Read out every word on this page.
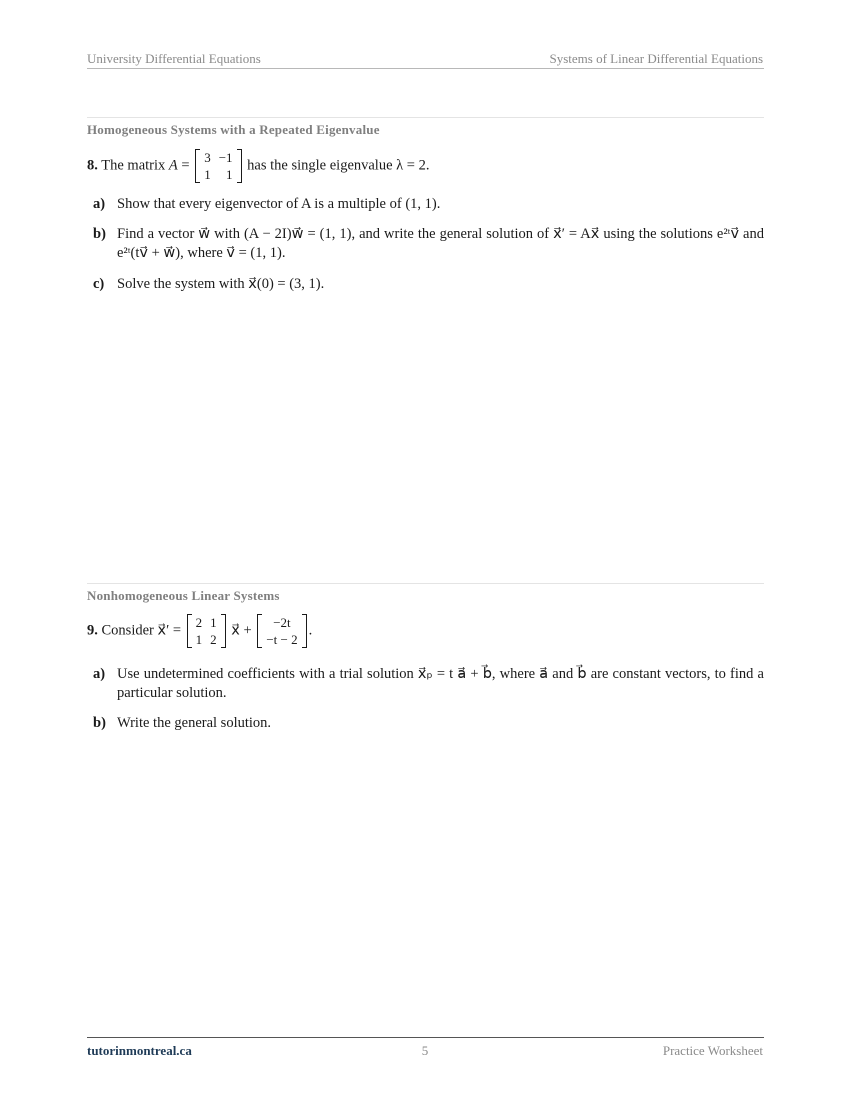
University Differential Equations	Systems of Linear Differential Equations
Homogeneous Systems with a Repeated Eigenvalue
8. The matrix A = 3	−1
1	1
has the single eigenvalue λ = 2.
a) Show that every eigenvector of A is a multiple of (1, 1).
b) Find a vector w⃗ with (A − 2I)w⃗ = (1, 1), and write the general solution of x⃗′ = Ax⃗ using the solutions e²ᵗv⃗ and e²ᵗ(tv⃗ + w⃗), where v⃗ = (1, 1).
c) Solve the system with x⃗(0) = (3, 1).
Nonhomogeneous Linear Systems
9. Consider x⃗′ = 2	1
1	2
x⃗ + −2t
−t − 2
.
a) Use undetermined coefficients with a trial solution x⃗ₚ = t a⃗ + b⃗, where a⃗ and b⃗ are constant vectors, to find a particular solution.
b) Write the general solution.
tutorinmontreal.ca	5	Practice Worksheet
